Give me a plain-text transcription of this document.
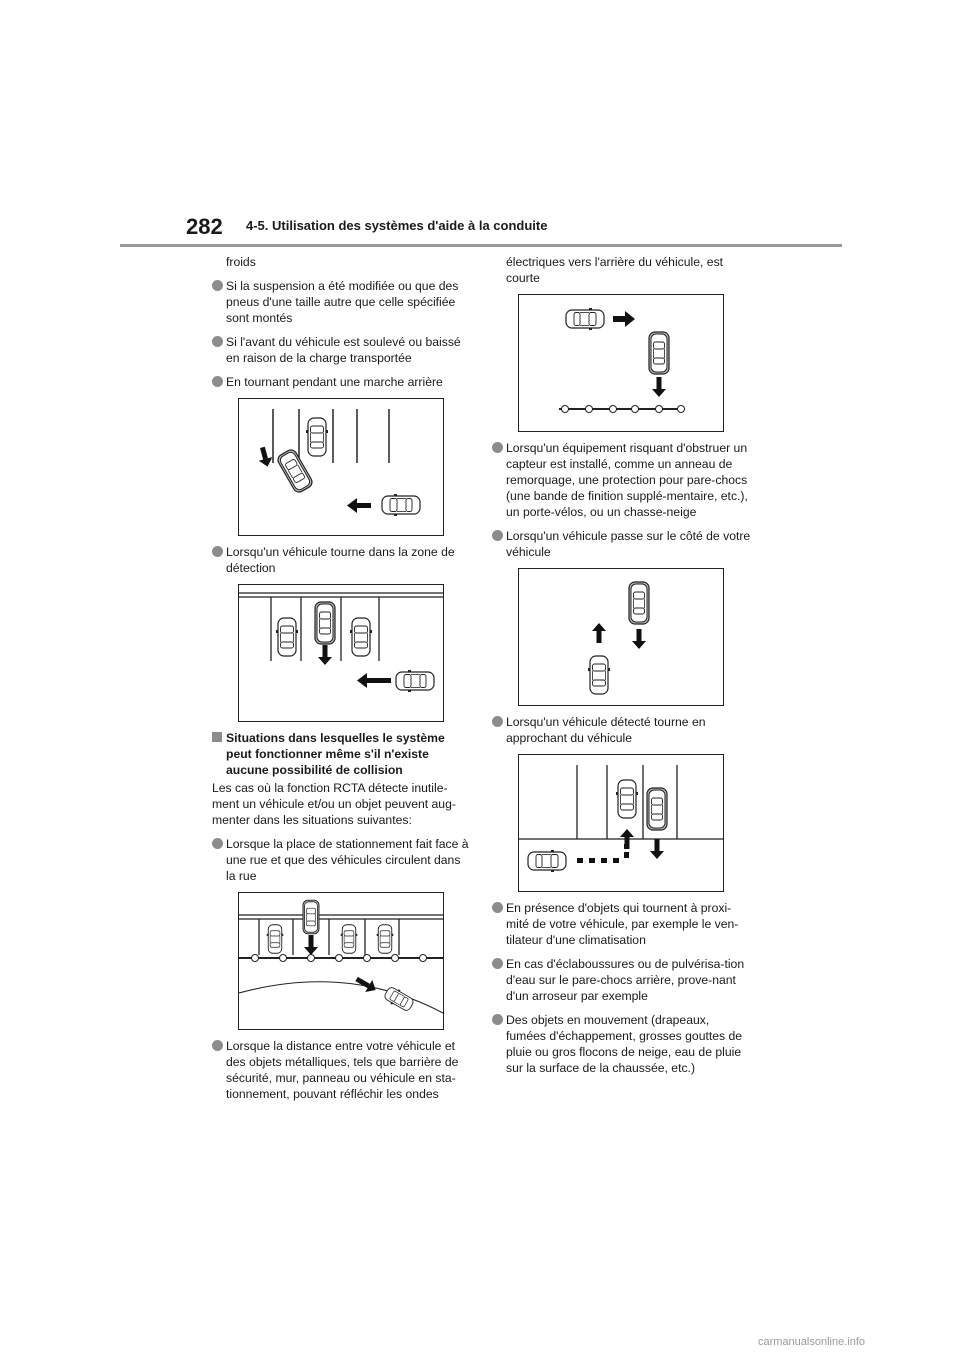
282 4-5. Utilisation des systèmes d'aide à la conduite
froids
Si la suspension a été modifiée ou que des pneus d'une taille autre que celle spécifiée sont montés
Si l'avant du véhicule est soulevé ou baissé en raison de la charge transportée
En tournant pendant une marche arrière
Lorsqu'un véhicule tourne dans la zone de détection
Situations dans lesquelles le système peut fonctionner même s'il n'existe aucune possibilité de collision
Les cas où la fonction RCTA détecte inutile-ment un véhicule et/ou un objet peuvent aug-menter dans les situations suivantes:
Lorsque la place de stationnement fait face à une rue et que des véhicules circulent dans la rue
Lorsque la distance entre votre véhicule et des objets métalliques, tels que barrière de sécurité, mur, panneau ou véhicule en sta-tionnement, pouvant réfléchir les ondes
électriques vers l'arrière du véhicule, est courte
Lorsqu'un équipement risquant d'obstruer un capteur est installé, comme un anneau de remorquage, une protection pour pare-chocs (une bande de finition supplé-mentaire, etc.), un porte-vélos, ou un chasse-neige
Lorsqu'un véhicule passe sur le côté de votre véhicule
Lorsqu'un véhicule détecté tourne en approchant du véhicule
En présence d'objets qui tournent à proxi-mité de votre véhicule, par exemple le ven-tilateur d'une climatisation
En cas d'éclaboussures ou de pulvérisa-tion d'eau sur le pare-chocs arrière, prove-nant d'un arroseur par exemple
Des objets en mouvement (drapeaux, fumées d'échappement, grosses gouttes de pluie ou gros flocons de neige, eau de pluie sur la surface de la chaussée, etc.)
carmanualsonline.info
